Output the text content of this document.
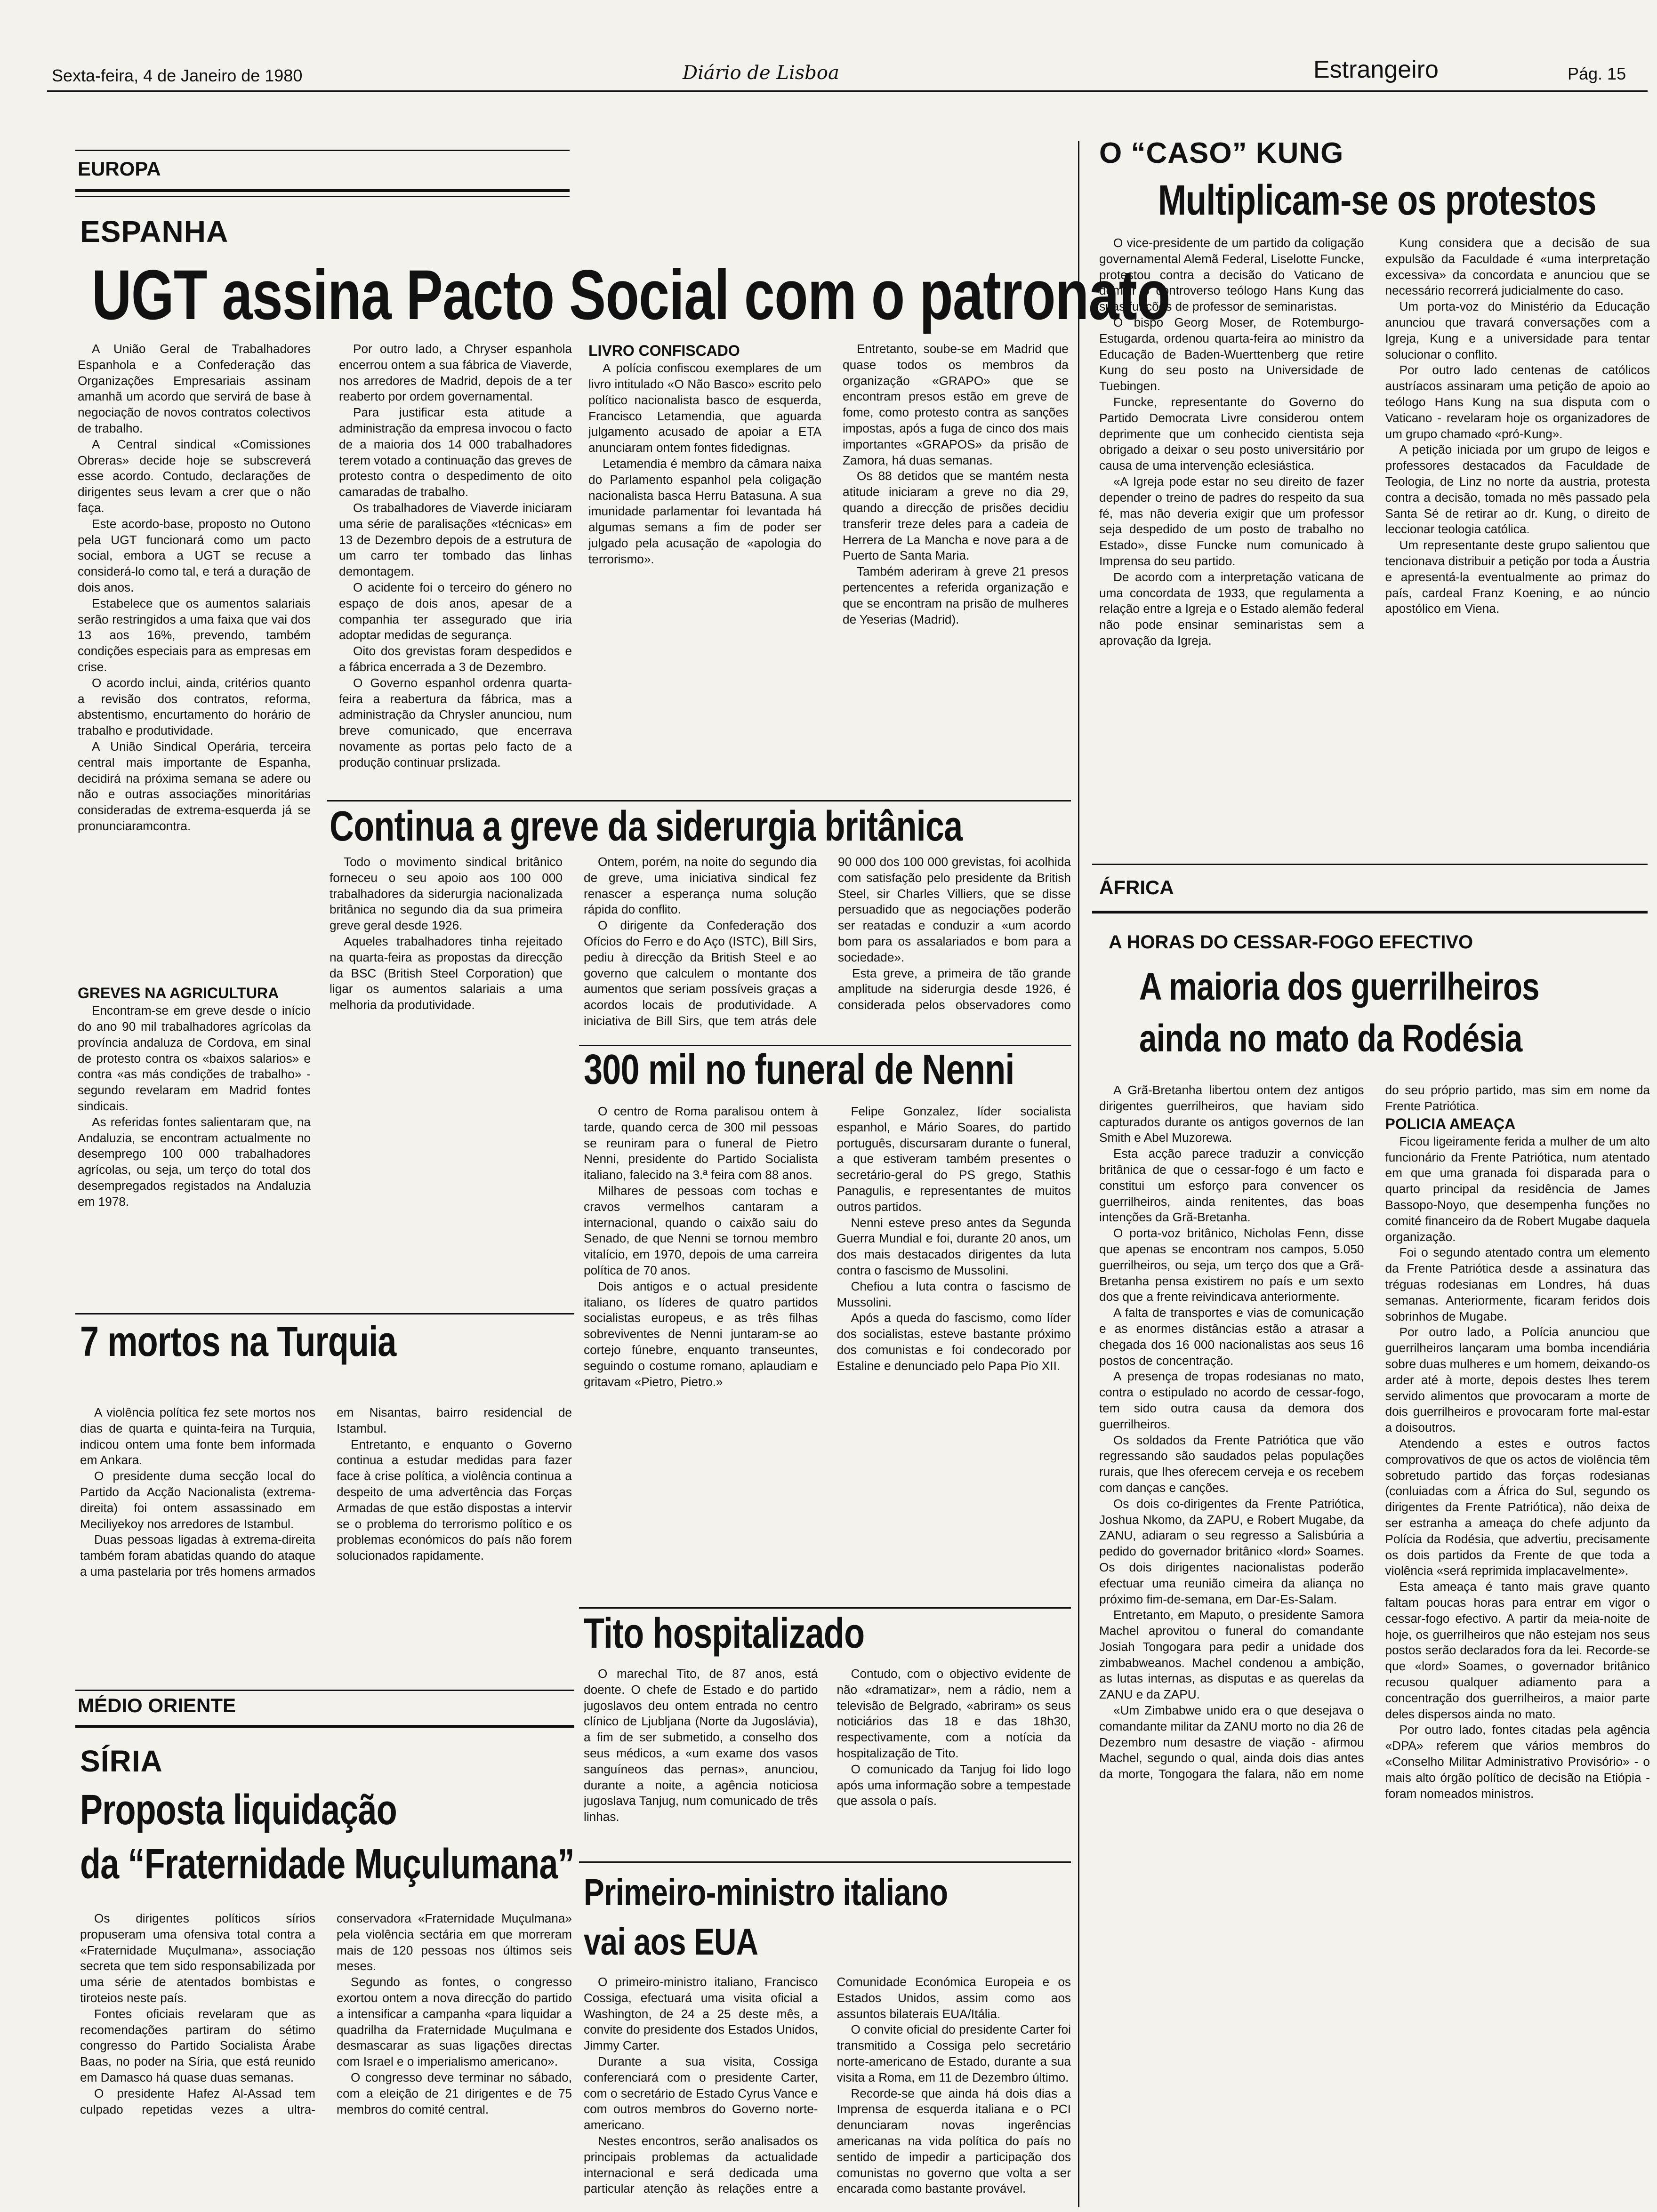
Sexta-feira, 4 de Janeiro de 1980	Diário de Lisboa	Estrangeiro	Pág. 15
EUROPA
ESPANHA
UGT assina Pacto Social com o patronato

A União Geral de Trabalhadores Espanhola e a Confederação das Organizações Empresariais assinam amanhã um acordo que servirá de base à negociação de novos contratos colectivos de trabalho.

A Central sindical «Comissiones Obreras» decide hoje se subscreverá esse acordo. Contudo, declarações de dirigentes seus levam a crer que o não faça.

Este acordo-base, proposto no Outono pela UGT funcionará como um pacto social, embora a UGT se recuse a considerá-lo como tal, e terá a duração de dois anos.

Estabelece que os aumentos salariais serão restringidos a uma faixa que vai dos 13 aos 16%, prevendo, também condições especiais para as empresas em crise.

O acordo inclui, ainda, critérios quanto a revisão dos contratos, reforma, abstentismo, encurtamento do horário de trabalho e produtividade.

A União Sindical Operária, terceira central mais importante de Espanha, decidirá na próxima semana se adere ou não e outras associações minoritárias consideradas de extrema-esquerda já se pronunciaramcontra.

Por outro lado, a Chryser espanhola encerrou ontem a sua fábrica de Viaverde, nos arredores de Madrid, depois de a ter reaberto por ordem governamental.

Para justificar esta atitude a administração da empresa invocou o facto de a maioria dos 14 000 trabalhadores terem votado a continuação das greves de protesto contra o despedimento de oito camaradas de trabalho.

Os trabalhadores de Viaverde iniciaram uma série de paralisações «técnicas» em 13 de Dezembro depois de a estrutura de um carro ter tombado das linhas demontagem.

O acidente foi o terceiro do género no espaço de dois anos, apesar de a companhia ter assegurado que iria adoptar medidas de segurança.

Oito dos grevistas foram despedidos e a fábrica encerrada a 3 de Dezembro.

O Governo espanhol ordenra quarta-feira a reabertura da fábrica, mas a administração da Chrysler anunciou, num breve comunicado, que encerrava novamente as portas pelo facto de a produção continuar prslizada.

LIVRO CONFISCADO

A polícia confiscou exemplares de um livro intitulado «O Não Basco» escrito pelo político nacionalista basco de esquerda, Francisco Letamendia, que aguarda julgamento acusado de apoiar a ETA anunciaram ontem fontes fidedignas.

Letamendia é membro da câmara naixa do Parlamento espanhol pela coligação nacionalista basca Herru Batasuna. A sua imunidade parlamentar foi levantada há algumas semans a fim de poder ser julgado pela acusação de «apologia do terrorismo».

Entretanto, soube-se em Madrid que quase todos os membros da organização «GRAPO» que se encontram presos estão em greve de fome, como protesto contra as sanções impostas, após a fuga de cinco dos mais importantes «GRAPOS» da prisão de Zamora, há duas semanas.

Os 88 detidos que se mantém nesta atitude iniciaram a greve no dia 29, quando a direcção de prisões decidiu transferir treze deles para a cadeia de Herrera de La Mancha e nove para a de Puerto de Santa Maria.

Também aderiram à greve 21 presos pertencentes a referida organização e que se encontram na prisão de mulheres de Yeserias (Madrid).

GREVES NA AGRICULTURA

Encontram-se em greve desde o início do ano 90 mil trabalhadores agrícolas da província andaluza de Cordova, em sinal de protesto contra os «baixos salarios» e contra «as más condições de trabalho» - segundo revelaram em Madrid fontes sindicais.

As referidas fontes salientaram que, na Andaluzia, se encontram actualmente no desemprego 100 000 trabalhadores agrícolas, ou seja, um terço do total dos desempregados registados na Andaluzia em 1978.

Continua a greve da siderurgia britânica

Todo o movimento sindical britânico forneceu o seu apoio aos 100 000 trabalhadores da siderurgia nacionalizada britânica no segundo dia da sua primeira greve geral desde 1926.

Aqueles trabalhadores tinha rejeitado na quarta-feira as propostas da direcção da BSC (British Steel Corporation) que ligar os aumentos salariais a uma melhoria da produtividade.

Ontem, porém, na noite do segundo dia de greve, uma iniciativa sindical fez renascer a esperança numa solução rápida do conflito.

O dirigente da Confederação dos Ofícios do Ferro e do Aço (ISTC), Bill Sirs, pediu à direcção da British Steel e ao governo que calculem o montante dos aumentos que seriam possíveis graças a acordos locais de produtividade. A iniciativa de Bill Sirs, que tem atrás dele 90 000 dos 100 000 grevistas, foi acolhida com satisfação pelo presidente da British Steel, sir Charles Villiers, que se disse persuadido que as negociações poderão ser reatadas e conduzir a «um acordo bom para os assalariados e bom para a sociedade».

Esta greve, a primeira de tão grande amplitude na siderurgia desde 1926, é considerada pelos observadores como

300 mil no funeral de Nenni

O centro de Roma paralisou ontem à tarde, quando cerca de 300 mil pessoas se reuniram para o funeral de Pietro Nenni, presidente do Partido Socialista italiano, falecido na 3.ª feira com 88 anos.

Milhares de pessoas com tochas e cravos vermelhos cantaram a internacional, quando o caixão saiu do Senado, de que Nenni se tornou membro vitalício, em 1970, depois de uma carreira política de 70 anos.

Dois antigos e o actual presidente italiano, os líderes de quatro partidos socialistas europeus, e as três filhas sobreviventes de Nenni juntaram-se ao cortejo fúnebre, enquanto transeuntes, seguindo o costume romano, aplaudiam e gritavam «Pietro, Pietro.»

Felipe Gonzalez, líder socialista espanhol, e Mário Soares, do partido português, discursaram durante o funeral, a que estiveram também presentes o secretário-geral do PS grego, Stathis Panagulis, e representantes de muitos outros partidos.

Nenni esteve preso antes da Segunda Guerra Mundial e foi, durante 20 anos, um dos mais destacados dirigentes da luta contra o fascismo de Mussolini.

Chefiou a luta contra o fascismo de Mussolini.

Após a queda do fascismo, como líder dos socialistas, esteve bastante próximo dos comunistas e foi condecorado por Estaline e denunciado pelo Papa Pio XII.

7 mortos na Turquia

A violência política fez sete mortos nos dias de quarta e quinta-feira na Turquia, indicou ontem uma fonte bem informada em Ankara.

O presidente duma secção local do Partido da Acção Nacionalista (extrema-direita) foi ontem assassinado em Meciliyekoy nos arredores de Istambul.

Duas pessoas ligadas à extrema-direita também foram abatidas quando do ataque a uma pastelaria por três homens armados em Nisantas, bairro residencial de Istambul.

Entretanto, e enquanto o Governo continua a estudar medidas para fazer face à crise política, a violência continua a despeito de uma advertência das Forças Armadas de que estão dispostas a intervir se o problema do terrorismo político e os problemas económicos do país não forem solucionados rapidamente.

Tito hospitalizado

O marechal Tito, de 87 anos, está doente. O chefe de Estado e do partido jugoslavos deu ontem entrada no centro clínico de Ljubljana (Norte da Jugoslávia), a fim de ser submetido, a conselho dos seus médicos, a «um exame dos vasos sanguíneos das pernas», anunciou, durante a noite, a agência noticiosa jugoslava Tanjug, num comunicado de três linhas.

Contudo, com o objectivo evidente de não «dramatizar», nem a rádio, nem a televisão de Belgrado, «abriram» os seus noticiários das 18 e das 18h30, respectivamente, com a notícia da hospitalização de Tito.

O comunicado da Tanjug foi lido logo após uma informação sobre a tempestade que assola o país.

MÉDIO ORIENTE
SÍRIA
Proposta liquidação
da “Fraternidade Muçulumana”

Os dirigentes políticos sírios propuseram uma ofensiva total contra a «Fraternidade Muçulmana», associação secreta que tem sido responsabilizada por uma série de atentados bombistas e tiroteios neste país.

Fontes oficiais revelaram que as recomendações partiram do sétimo congresso do Partido Socialista Árabe Baas, no poder na Síria, que está reunido em Damasco há quase duas semanas.

O presidente Hafez Al-Assad tem culpado repetidas vezes a ultra-conservadora «Fraternidade Muçulmana» pela violência sectária em que morreram mais de 120 pessoas nos últimos seis meses.

Segundo as fontes, o congresso exortou ontem a nova direcção do partido a intensificar a campanha «para liquidar a quadrilha da Fraternidade Muçulmana e desmascarar as suas ligações directas com Israel e o imperialismo americano».

O congresso deve terminar no sábado, com a eleição de 21 dirigentes e de 75 membros do comité central.

Primeiro-ministro italiano
vai aos EUA

O primeiro-ministro italiano, Francisco Cossiga, efectuará uma visita oficial a Washington, de 24 a 25 deste mês, a convite do presidente dos Estados Unidos, Jimmy Carter.

Durante a sua visita, Cossiga conferenciará com o presidente Carter, com o secretário de Estado Cyrus Vance e com outros membros do Governo norte-americano.

Nestes encontros, serão analisados os principais problemas da actualidade internacional e será dedicada uma particular atenção às relações entre a Comunidade Económica Europeia e os Estados Unidos, assim como aos assuntos bilaterais EUA/Itália.

O convite oficial do presidente Carter foi transmitido a Cossiga pelo secretário norte-americano de Estado, durante a sua visita a Roma, em 11 de Dezembro último.

Recorde-se que ainda há dois dias a Imprensa de esquerda italiana e o PCI denunciaram novas ingerências americanas na vida política do país no sentido de impedir a participação dos comunistas no governo que volta a ser encarada como bastante provável.

O “CASO” KUNG
Multiplicam-se os protestos

O vice-presidente de um partido da coligação governamental Alemã Federal, Liselotte Funcke, protestou contra a decisão do Vaticano de demitir o controverso teólogo Hans Kung das suas funções de professor de seminaristas.

O bispo Georg Moser, de Rotemburgo-Estugarda, ordenou quarta-feira ao ministro da Educação de Baden-Wuerttenberg que retire Kung do seu posto na Universidade de Tuebingen.

Funcke, representante do Governo do Partido Democrata Livre considerou ontem deprimente que um conhecido cientista seja obrigado a deixar o seu posto universitário por causa de uma intervenção eclesiástica.

«A Igreja pode estar no seu direito de fazer depender o treino de padres do respeito da sua fé, mas não deveria exigir que um professor seja despedido de um posto de trabalho no Estado», disse Funcke num comunicado à Imprensa do seu partido.

De acordo com a interpretação vaticana de uma concordata de 1933, que regulamenta a relação entre a Igreja e o Estado alemão federal não pode ensinar seminaristas sem a aprovação da Igreja.

Kung considera que a decisão de sua expulsão da Faculdade é «uma interpretação excessiva» da concordata e anunciou que se necessário recorrerá judicialmente do caso.

Um porta-voz do Ministério da Educação anunciou que travará conversações com a Igreja, Kung e a universidade para tentar solucionar o conflito.

Por outro lado centenas de católicos austríacos assinaram uma petição de apoio ao teólogo Hans Kung na sua disputa com o Vaticano - revelaram hoje os organizadores de um grupo chamado «pró-Kung».

A petição iniciada por um grupo de leigos e professores destacados da Faculdade de Teologia, de Linz no norte da austria, protesta contra a decisão, tomada no mês passado pela Santa Sé de retirar ao dr. Kung, o direito de leccionar teologia católica.

Um representante deste grupo salientou que tencionava distribuir a petição por toda a Áustria e apresentá-la eventualmente ao primaz do país, cardeal Franz Koening, e ao núncio apostólico em Viena.

ÁFRICA
A HORAS DO CESSAR-FOGO EFECTIVO
A maioria dos guerrilheiros
ainda no mato da Rodésia

A Grã-Bretanha libertou ontem dez antigos dirigentes guerrilheiros, que haviam sido capturados durante os antigos governos de Ian Smith e Abel Muzorewa.

Esta acção parece traduzir a convicção britânica de que o cessar-fogo é um facto e constitui um esforço para convencer os guerrilheiros, ainda renitentes, das boas intenções da Grã-Bretanha.

O porta-voz britânico, Nicholas Fenn, disse que apenas se encontram nos campos, 5.050 guerrilheiros, ou seja, um terço dos que a Grã-Bretanha pensa existirem no país e um sexto dos que a frente reivindicava anteriormente.

A falta de transportes e vias de comunicação e as enormes distâncias estão a atrasar a chegada dos 16 000 nacionalistas aos seus 16 postos de concentração.

A presença de tropas rodesianas no mato, contra o estipulado no acordo de cessar-fogo, tem sido outra causa da demora dos guerrilheiros.

Os soldados da Frente Patriótica que vão regressando são saudados pelas populações rurais, que lhes oferecem cerveja e os recebem com danças e canções.

Os dois co-dirigentes da Frente Patriótica, Joshua Nkomo, da ZAPU, e Robert Mugabe, da ZANU, adiaram o seu regresso a Salisbúria a pedido do governador britânico «lord» Soames. Os dois dirigentes nacionalistas poderão efectuar uma reunião cimeira da aliança no próximo fim-de-semana, em Dar-Es-Salam.

Entretanto, em Maputo, o presidente Samora Machel aprovitou o funeral do comandante Josiah Tongogara para pedir a unidade dos zimbabweanos. Machel condenou a ambição, as lutas internas, as disputas e as querelas da ZANU e da ZAPU.

«Um Zimbabwe unido era o que desejava o comandante militar da ZANU morto no dia 26 de Dezembro num desastre de viação - afirmou Machel, segundo o qual, ainda dois dias antes da morte, Tongogara the falara, não em nome do seu próprio partido, mas sim em nome da Frente Patriótica.

POLICIA AMEAÇA

Ficou ligeiramente ferida a mulher de um alto funcionário da Frente Patriótica, num atentado em que uma granada foi disparada para o quarto principal da residência de James Bassopo-Noyo, que desempenha funções no comité financeiro da de Robert Mugabe daquela organização.

Foi o segundo atentado contra um elemento da Frente Patriótica desde a assinatura das tréguas rodesianas em Londres, há duas semanas. Anteriormente, ficaram feridos dois sobrinhos de Mugabe.

Por outro lado, a Polícia anunciou que guerrilheiros lançaram uma bomba incendiária sobre duas mulheres e um homem, deixando-os arder até à morte, depois destes lhes terem servido alimentos que provocaram a morte de dois guerrilheiros e provocaram forte mal-estar a doisoutros.

Atendendo a estes e outros factos comprovativos de que os actos de violência têm sobretudo partido das forças rodesianas (conluiadas com a África do Sul, segundo os dirigentes da Frente Patriótica), não deixa de ser estranha a ameaça do chefe adjunto da Polícia da Rodésia, que advertiu, precisamente os dois partidos da Frente de que toda a violência «será reprimida implacavelmente».

Esta ameaça é tanto mais grave quanto faltam poucas horas para entrar em vigor o cessar-fogo efectivo. A partir da meia-noite de hoje, os guerrilheiros que não estejam nos seus postos serão declarados fora da lei. Recorde-se que «lord» Soames, o governador britânico recusou qualquer adiamento para a concentração dos guerrilheiros, a maior parte deles dispersos ainda no mato.

Por outro lado, fontes citadas pela agência «DPA» referem que vários membros do «Conselho Militar Administrativo Provisório» - o mais alto órgão político de decisão na Etiópia - foram nomeados ministros.
